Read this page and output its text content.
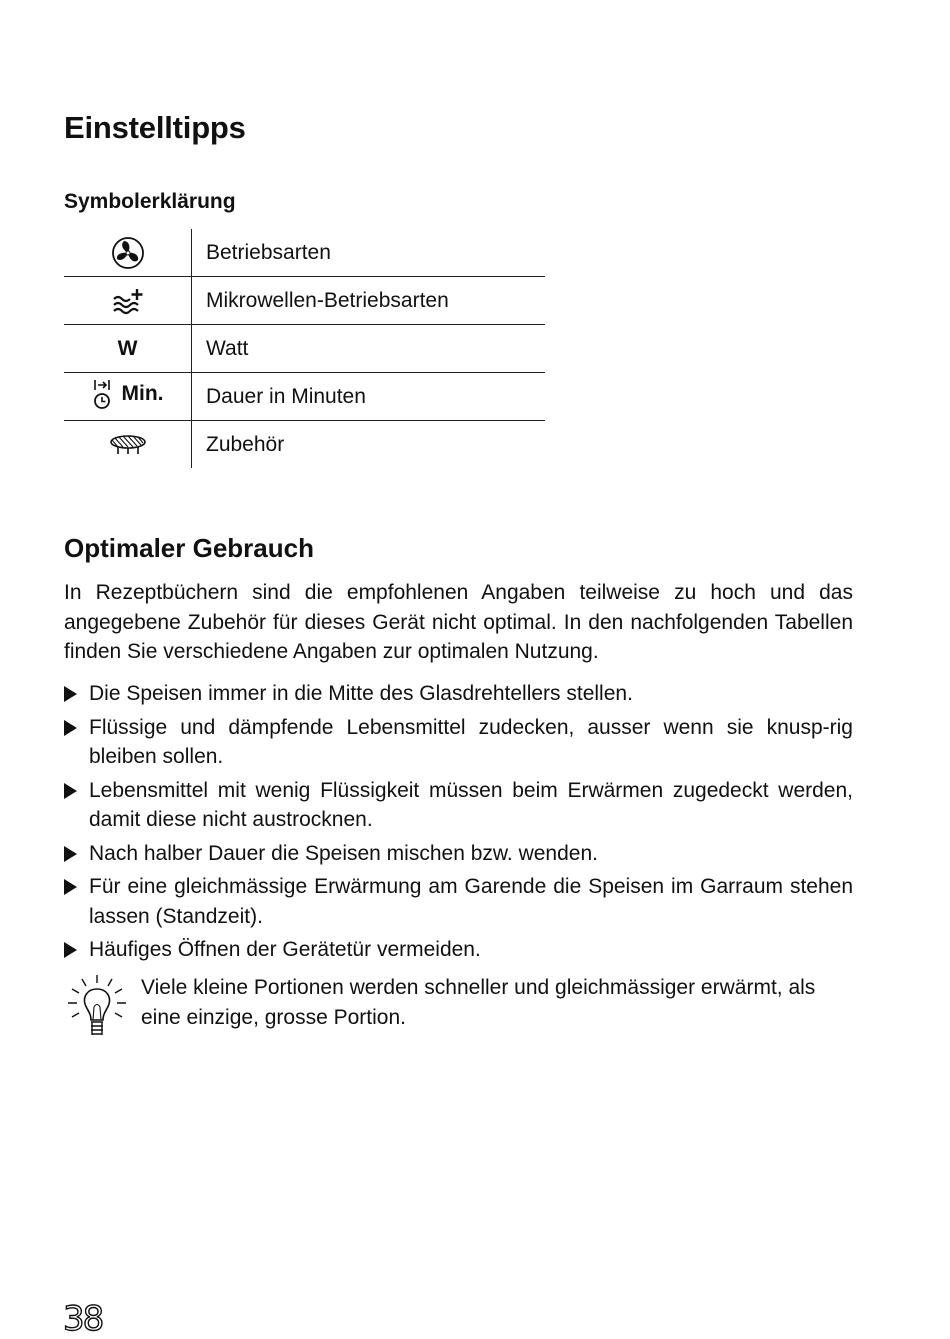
Einstelltipps
Symbolerklärung
	Betriebsarten
	Mikrowellen-Betriebsarten
W	Watt

Min.	Dauer in Minuten
	Zubehör
Optimaler Gebrauch

In Rezeptbüchern sind die empfohlenen Angaben teilweise zu hoch und das angegebene Zubehör für dieses Gerät nicht optimal. In den nachfolgenden Tabellen finden Sie verschiedene Angaben zur optimalen Nutzung.

Die Speisen immer in die Mitte des Glasdrehtellers stellen.
Flüssige und dämpfende Lebensmittel zudecken, ausser wenn sie knusp-rig bleiben sollen.
Lebensmittel mit wenig Flüssigkeit müssen beim Erwärmen zugedeckt werden, damit diese nicht austrocknen.
Nach halber Dauer die Speisen mischen bzw. wenden.
Für eine gleichmässige Erwärmung am Garende die Speisen im Garraum stehen lassen (Standzeit).
Häufiges Öffnen der Gerätetür vermeiden.

Viele kleine Portionen werden schneller und gleichmässiger erwärmt, als eine einzige, grosse Portion.

38
